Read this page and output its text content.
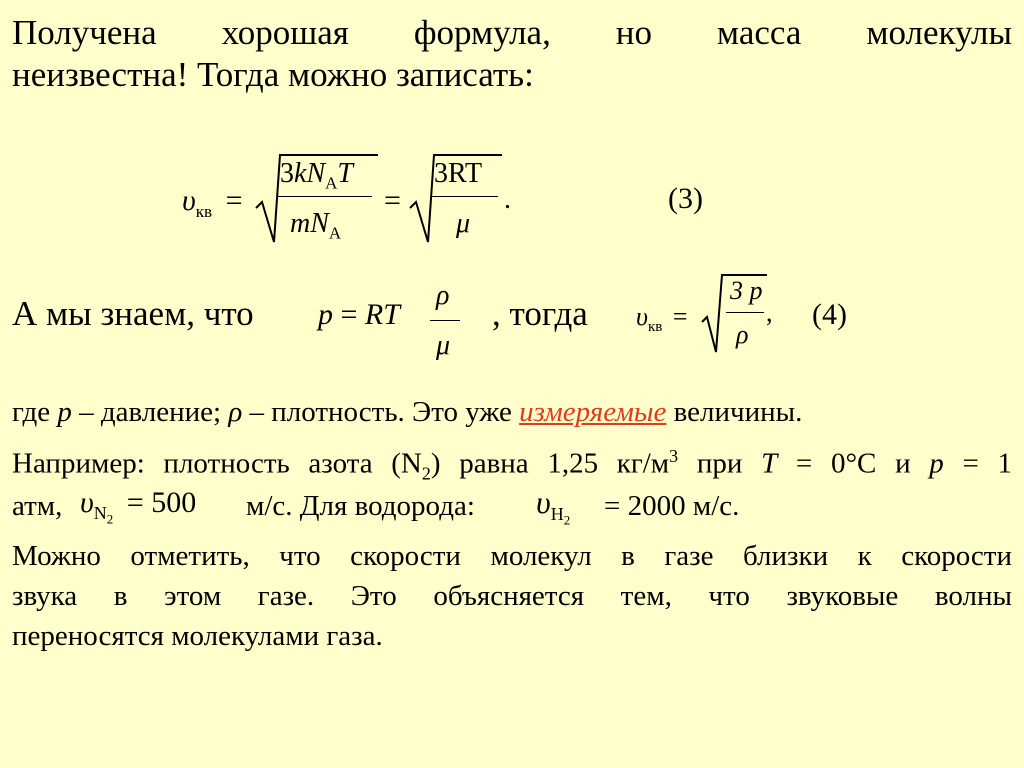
Получена хорошая формула, но масса молекулы
неизвестна! Тогда можно записать:
$\upsilon_{кв}$ =
$3kN_AT$
$mN_A$
=
3RT
μ
.	(3)
А мы знаем, что p = RT
ρ
μ
, тогда $\upsilon_{кв}$ =
3 p
ρ
, (4)
где p – давление; ρ – плотность. Это уже измеряемые величины.
Например: плотность азота $(N_2)$ равна 1,25 $кг/м^3$ при T = 0°С и p = 1
атм, $\upsilon_{N_2} = 500$ м/с. Для водорода: $\upsilon_{H_2} = 2000$ м/с.
Можно отметить, что скорости молекул в газе близки к скорости
звука в этом газе. Это объясняется тем, что звуковые волны
переносятся молекулами газа.
